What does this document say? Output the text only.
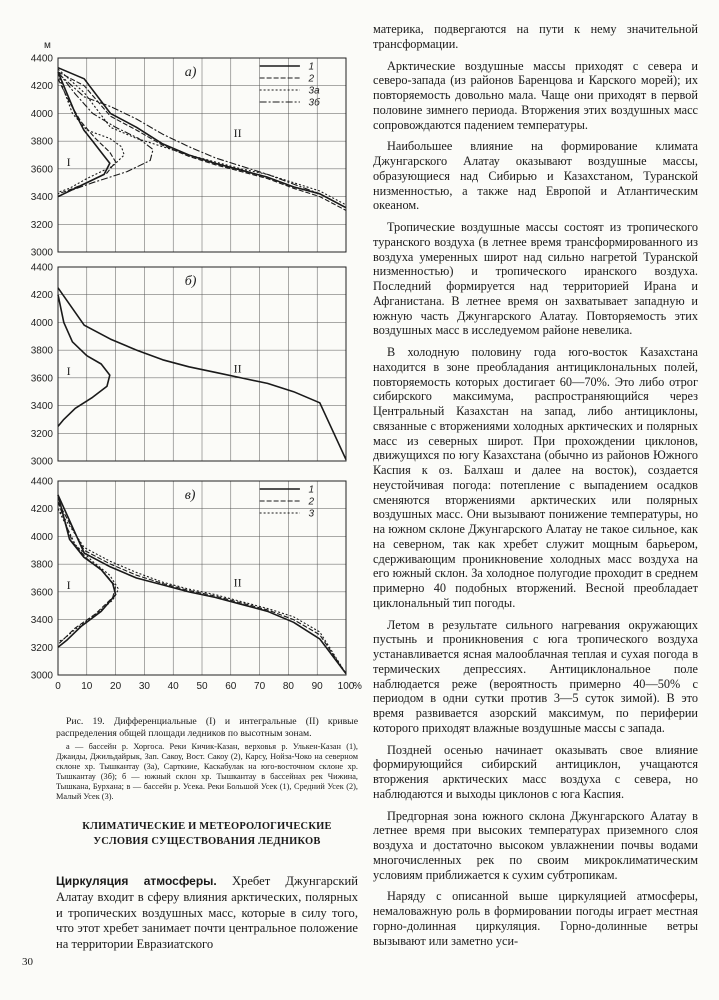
м
3000
3200
3400
3600
3800
4000
4200
4400
а)
I
II
1
2
3а
3б
3000
3200
3400
3600
3800
4000
4200
4400
б)
I	II
3000
3200
3400
3600
3800
4000
4200
4400
в)
I	II
1
2
3
0 10 20 30 40 50 60 70 80 90 100
%
Рис. 19. Дифференциальные (I) и интегральные (II) кривые распределения общей площади ледников по высотным зонам.
а — бассейн р. Хоргоса. Реки Кичик-Казан, верховья р. Улькен-Казан (1), Джаиды, Джильдайрык, Зап. Сакоу, Вост. Сакоу (2), Карсу, Нойза-Чоко на северном склоне хр. Тышкантау (3а), Сарткиие, Каскабулак на юго-восточном склоне хр. Тышкантау (3б); б — южный склон хр. Тышкантау в бассейнах рек Чижина, Тышкана, Бурхана; в — бассейн р. Усека. Реки Большой Усек (1), Средний Усек (2), Малый Усек (3).
КЛИМАТИЧЕСКИЕ И МЕТЕОРОЛОГИЧЕСКИЕ УСЛОВИЯ СУЩЕСТВОВАНИЯ ЛЕДНИКОВ
Циркуляция атмосферы. Хребет Джунгарский Алатау входит в сферу влияния арктических, полярных и тропических воздушных масс, которые в силу того, что этот хребет занимает почти центральное положение на территории Евразиатского

материка, подвергаются на пути к нему значительной трансформации.

Арктические воздушные массы приходят с севера и северо-запада (из районов Баренцова и Карского морей); их повторяемость довольно мала. Чаще они приходят в первой половине зимнего периода. Вторжения этих воздушных масс сопровождаются падением температуры.

Наибольшее влияние на формирование климата Джунгарского Алатау оказывают воздушные массы, образующиеся над Сибирью и Казахстаном, Туранской низменностью, а также над Европой и Атлантическим океаном.

Тропические воздушные массы состоят из тропического туранского воздуха (в летнее время трансформированного из воздуха умеренных широт над сильно нагретой Туранской низменностью) и тропического иранского воздуха. Последний формируется над территорией Ирана и Афганистана. В летнее время он захватывает западную и южную часть Джунгарского Алатау. Повторяемость этих воздушных масс в исследуемом районе невелика.

В холодную половину года юго-восток Казахстана находится в зоне преобладания антициклональных полей, повторяемость которых достигает 60—70%. Это либо отрог сибирского максимума, распространяющийся через Центральный Казахстан на запад, либо антициклоны, связанные с вторжениями холодных арктических и полярных масс из северных широт. При прохождении циклонов, движущихся по югу Казахстана (обычно из районов Южного Каспия к оз. Балхаш и далее на восток), создается неустойчивая погода: потепление с выпадением осадков сменяются вторжениями арктических или полярных воздушных масс. Они вызывают понижение температуры, но на южном склоне Джунгарского Алатау не такое сильное, как на северном, так как хребет служит мощным барьером, сдерживающим проникновение холодных масс воздуха на его южный склон. За холодное полугодие проходит в среднем примерно 40 подобных вторжений. Весной преобладает циклональный тип погоды.

Летом в результате сильного нагревания окружающих пустынь и проникновения с юга тропического воздуха устанавливается ясная малооблачная теплая и сухая погода в термических депрессиях. Антициклональное поле наблюдается реже (вероятность примерно 40—50% с периодом в одни сутки против 3—5 суток зимой). В это время развивается азорский максимум, по периферии которого приходят влажные воздушные массы с запада.

Поздней осенью начинает оказывать свое влияние формирующийся сибирский антициклон, учащаются вторжения арктических масс воздуха с севера, но наблюдаются и выходы циклонов с юга Каспия.

Предгорная зона южного склона Джунгарского Алатау в летнее время при высоких температурах приземного слоя воздуха и достаточно высоком увлажнении почвы водами многочисленных рек по своим микроклиматическим условиям приближается к сухим субтропикам.

Наряду с описанной выше циркуляцией атмосферы, немаловажную роль в формировании погоды играет местная горно-долинная циркуляция. Горно-долинные ветры вызывают или заметно уси-

30
